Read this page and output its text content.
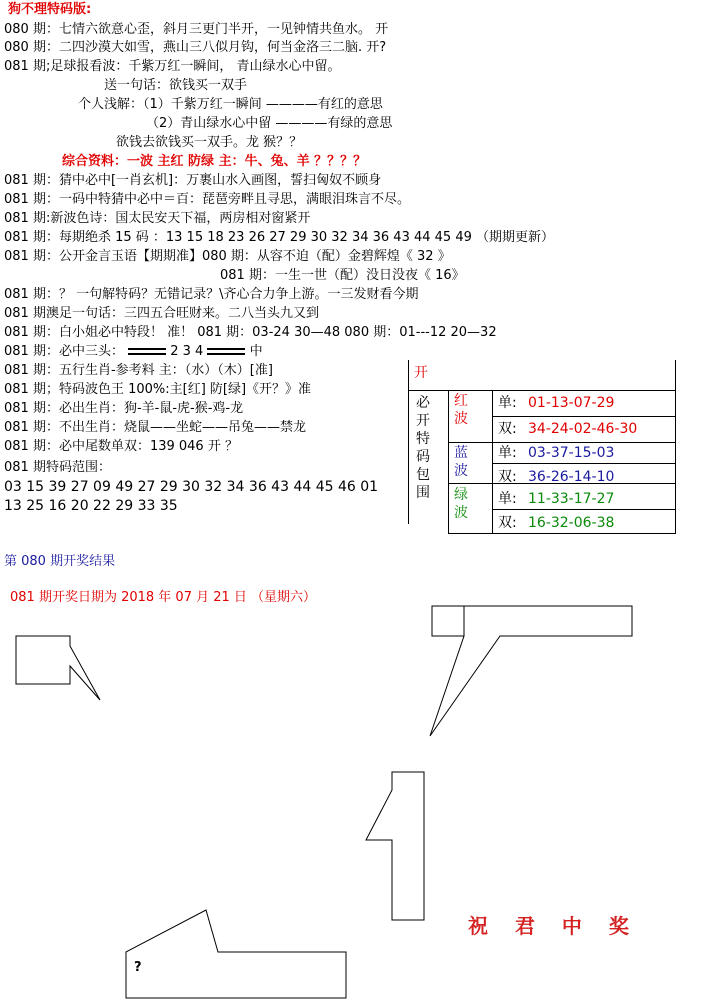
狗不理特码版:
080 期：七情六欲意心歪，斜月三更门半开，一见钟情共鱼水。 开
080 期：二四沙漠大如雪，燕山三八似月钩，何当金洛三二脑. 开?
081 期;足球报看波：千紫万红一瞬间， 青山绿水心中留。
送一句话：欲钱买一双手
个人浅解：（1）千紫万红一瞬间 ————有红的意思
（2）青山绿水心中留 ————有绿的意思
欲钱去欲钱买一双手。龙 猴？？
综合资料：一波 主红 防绿 主：牛、兔、羊 ？？？？
081 期：猜中必中[一肖玄机]：万裹山水入画图，誓扫匈奴不顾身
081 期：一码中特猜中必中＝百：琵琶旁畔且寻思，满眼泪珠言不尽。
081 期:新波色诗：国太民安天下福，两房相对窗紧开
081 期：每期绝杀 15 码 ：13 15 18 23 26 27 29 30 32 34 36 43 44 45 49 （期期更新）
081 期：公开金言玉语【期期准】080 期：从容不迫（配）金碧辉煌《 32 》
081 期：一生一世（配）没日没夜《 16》
081 期：？ 一句解特码？无错记录？\齐心合力争上游。一三发财看今期
081 期澳足一句话：三四五合旺财来。二八当头九又到
081 期：白小姐必中特段！ 准！ 081 期：03-24 30—48 080 期：01---12 20—32
081 期：必中三头：	2 3 4	中
081 期：五行生肖-参考料 主：（水）（木）[准]
081 期；特码波色王 100%:主[红] 防[绿]《开？》准
081 期：必出生肖：狗-羊-鼠-虎-猴-鸡-龙
081 期：不出生肖：烧鼠——坐蛇——吊兔——禁龙
081 期：必中尾数单双：139 046 开 ？
081 期特码范围：
03 15 39 27 09 49 27 29 30 32 34 36 43 44 45 46 01
13 25 16 20 22 29 33 35
开
必开特码包围
红波
单: 01-13-07-29
双: 34-24-02-46-30
蓝波
单: 03-37-15-03
双: 36-26-14-10
绿波
单: 11-33-17-27
双: 16-32-06-38
第 080 期开奖结果
081 期开奖日期为 2018 年 07 月 21 日 （星期六）
?
祝 君 中 奖
